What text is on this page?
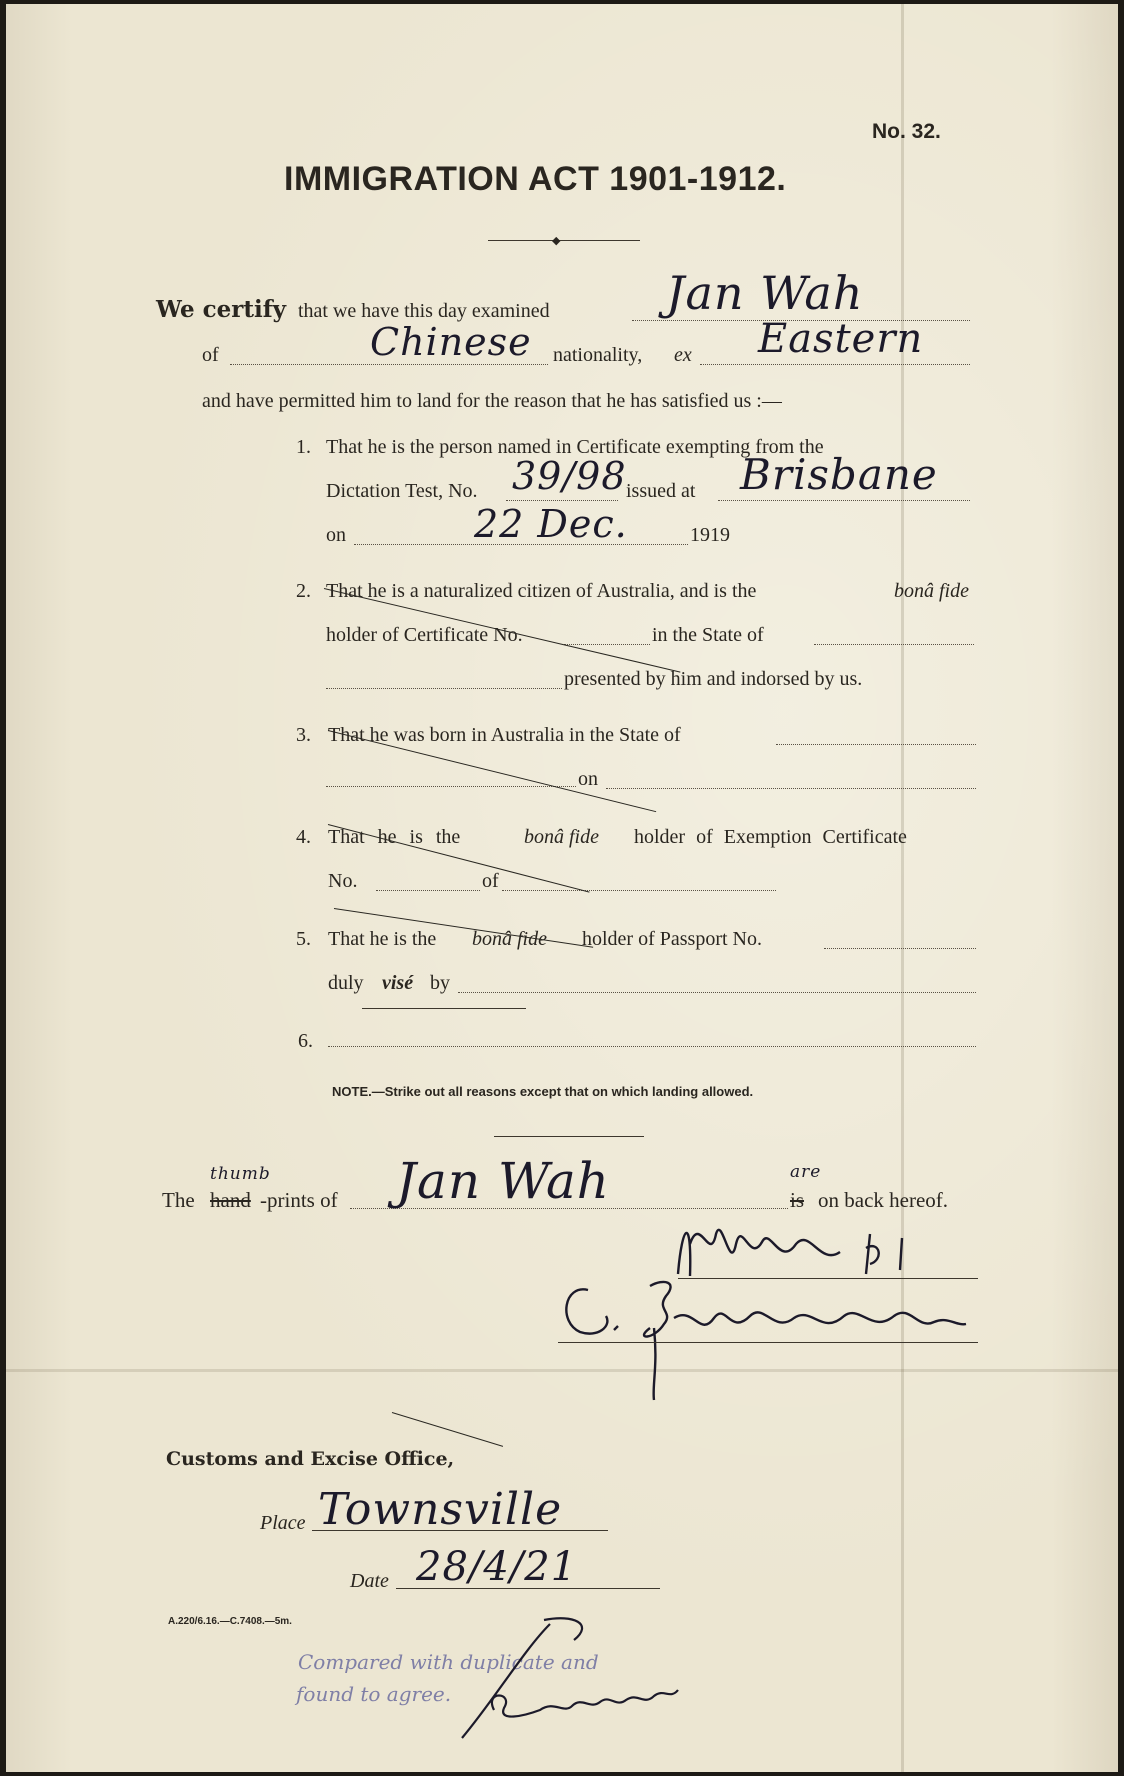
No. 32.
IMMIGRATION ACT 1901-1912.
◆
We certify that we have this day examined	Jan Wah
of	Chinese nationality, ex Eastern
and have permitted him to land for the reason that he has satisfied us :—
1. That he is the person named in Certificate exempting from the
Dictation Test, No. 39/98 issued at Brisbane
on	22 Dec.	1919
2. That he is a naturalized citizen of Australia, and is the	bonâ fide
holder of Certificate No.	in the State of
presented by him and indorsed by us.
3. That he was born in Australia in the State of
on
4. That he is the	bonâ fide holder of Exemption Certificate
No.	of
5. That he is the bonâ fide holder of Passport No.
duly visé by
6.
NOTE.—Strike out all reasons except that on which landing allowed.
The
thumb
hand -prints of Jan Wah	are
is on back hereof.
Customs and Excise Office,
Place Townsville
Date 28/4/21
A.220/6.16.—C.7408.—5m.
Compared with duplicate and
found to agree.
